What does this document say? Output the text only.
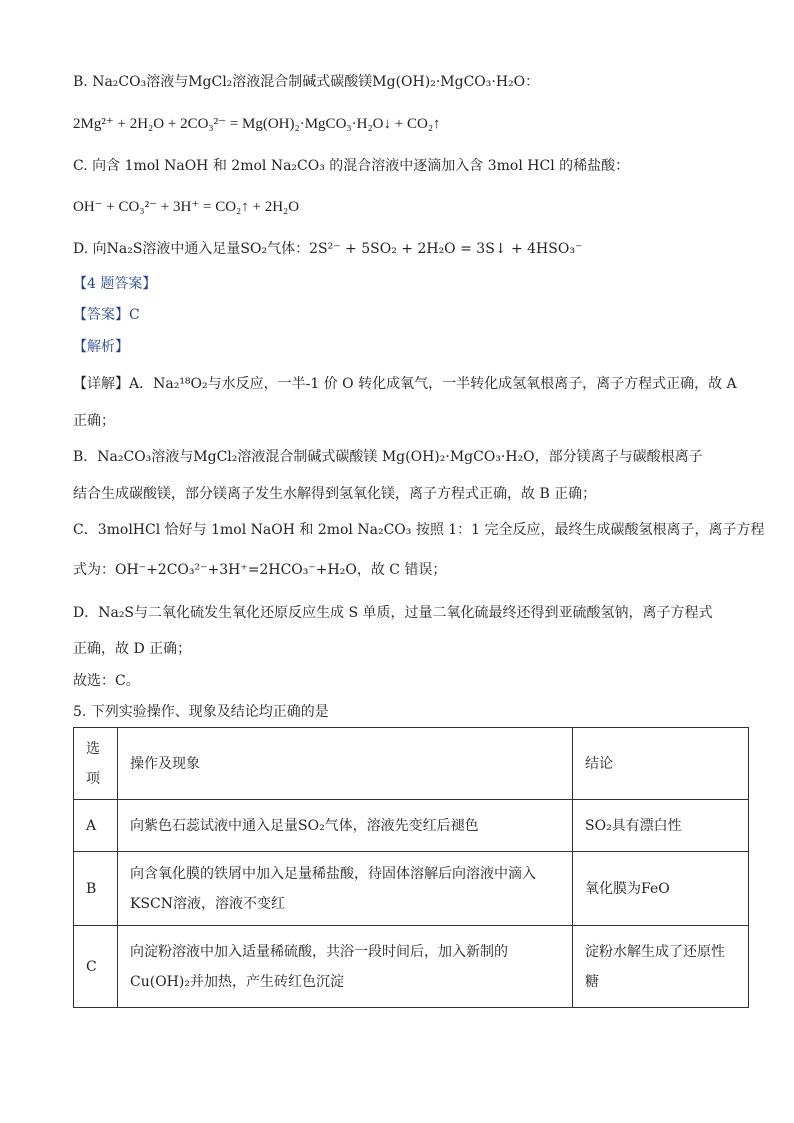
B. Na₂CO₃溶液与MgCl₂溶液混合制碱式碳酸镁Mg(OH)₂·MgCO₃·H₂O：
2Mg²⁺ + 2H₂O + 2CO₃²⁻ = Mg(OH)₂·MgCO₃·H₂O↓ + CO₂↑
C. 向含 1mol NaOH 和 2mol Na₂CO₃ 的混合溶液中逐滴加入含 3mol HCl 的稀盐酸：
OH⁻ + CO₃²⁻ + 3H⁺ = CO₂↑ + 2H₂O
D. 向Na₂S溶液中通入足量SO₂气体：2S²⁻ + 5SO₂ + 2H₂O = 3S↓ + 4HSO₃⁻
【4 题答案】
【答案】C
【解析】
【详解】A．Na₂¹⁸O₂与水反应，一半-1 价 O 转化成氧气，一半转化成氢氧根离子，离子方程式正确，故 A
正确；
B．Na₂CO₃溶液与MgCl₂溶液混合制碱式碳酸镁 Mg(OH)₂·MgCO₃·H₂O，部分镁离子与碳酸根离子
结合生成碳酸镁，部分镁离子发生水解得到氢氧化镁，离子方程式正确，故 B 正确；
C．3molHCl 恰好与 1mol NaOH 和 2mol Na₂CO₃ 按照 1：1 完全反应，最终生成碳酸氢根离子，离子方程
式为：OH⁻+2CO₃²⁻+3H⁺=2HCO₃⁻+H₂O，故 C 错误；
D．Na₂S与二氧化硫发生氧化还原反应生成 S 单质，过量二氧化硫最终还得到亚硫酸氢钠，离子方程式
正确，故 D 正确；
故选：C。
5. 下列实验操作、现象及结论均正确的是
选项	操作及现象	结论
A	向紫色石蕊试液中通入足量SO₂气体，溶液先变红后褪色	SO₂具有漂白性
B	向含氧化膜的铁屑中加入足量稀盐酸，待固体溶解后向溶液中滴入KSCN溶液，溶液不变红	氧化膜为FeO
C	向淀粉溶液中加入适量稀硫酸，共浴一段时间后，加入新制的Cu(OH)₂并加热，产生砖红色沉淀	淀粉水解生成了还原性糖
